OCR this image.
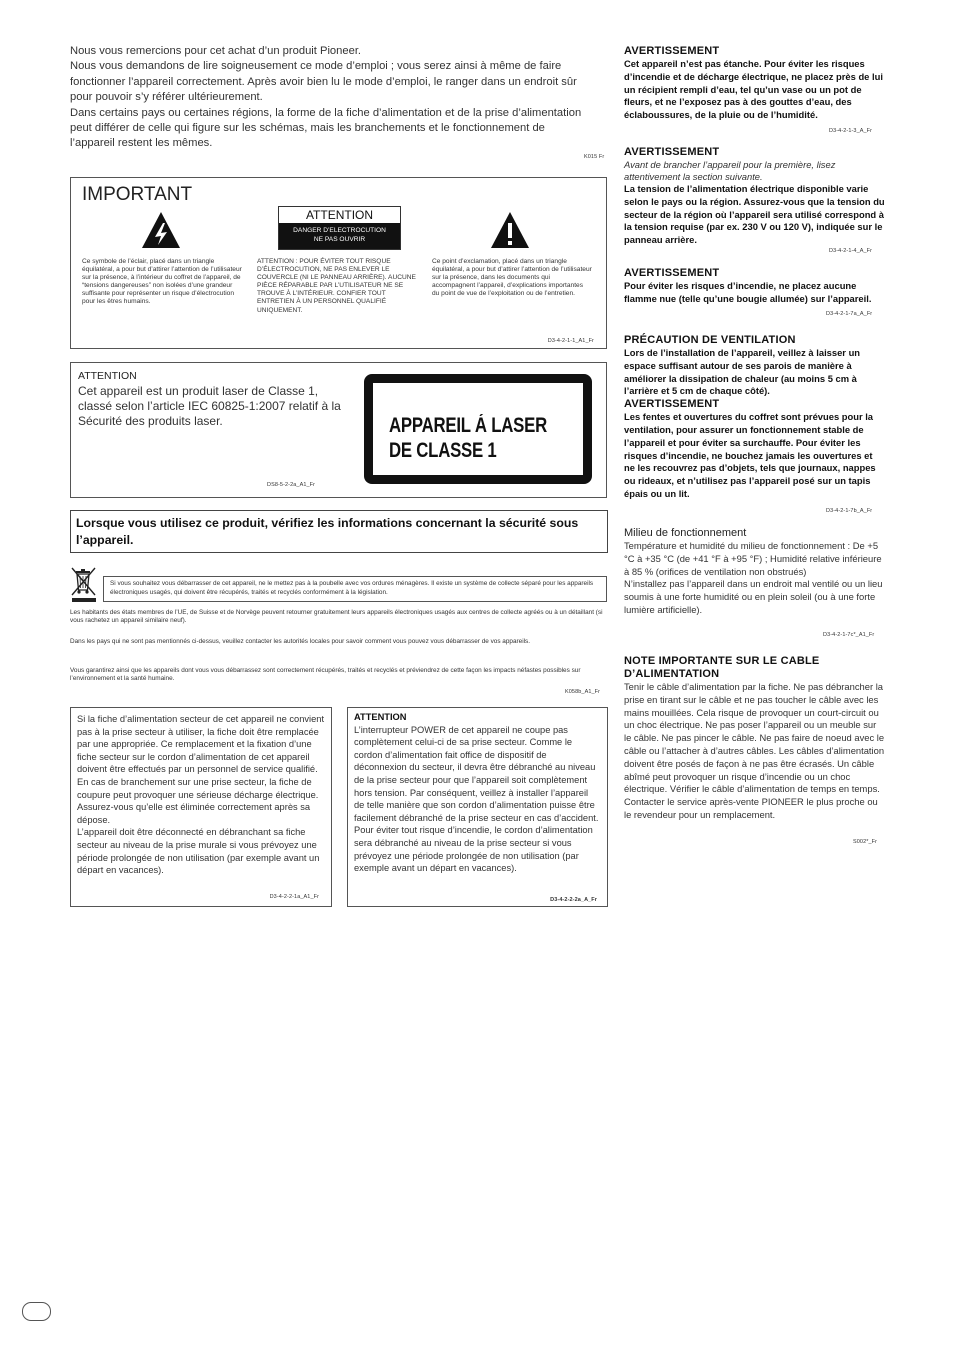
Nous vous remercions pour cet achat d’un produit Pioneer.

Nous vous demandons de lire soigneusement ce mode d’emploi ; vous serez ainsi à même de faire fonctionner l’appareil correctement. Après avoir bien lu le mode d’emploi, le ranger dans un endroit sûr pour pouvoir s’y référer ultérieurement.

Dans certains pays ou certaines régions, la forme de la fiche d’alimentation et de la prise d’alimentation peut différer de celle qui figure sur les schémas, mais les branchements et le fonctionnement de l’appareil restent les mêmes.

K015 Fr
IMPORTANT
ATTENTION
DANGER D’ELECTROCUTION
NE PAS OUVRIR
Ce symbole de l’éclair, placé dans un triangle équilatéral, a pour but d’attirer l’attention de l’utilisateur sur la présence, à l’intérieur du coffret de l’appareil, de “tensions dangereuses” non isolées d’une grandeur suffisante pour représenter un risque d’électrocution pour les êtres humains.
ATTENTION : POUR ÉVITER TOUT RISQUE D’ÉLECTROCUTION, NE PAS ENLEVER LE COUVERCLE (NI LE PANNEAU ARRIÈRE). AUCUNE PIÈCE RÉPARABLE PAR L’UTILISATEUR NE SE TROUVE À L’INTÉRIEUR. CONFIER TOUT ENTRETIEN À UN PERSONNEL QUALIFIÉ UNIQUEMENT.
Ce point d’exclamation, placé dans un triangle équilatéral, a pour but d’attirer l’attention de l’utilisateur sur la présence, dans les documents qui accompagnent l’appareil, d’explications importantes du point de vue de l’exploitation ou de l’entretien.
D3-4-2-1-1_A1_Fr
ATTENTION
Cet appareil est un produit laser de Classe 1, classé selon l’article IEC 60825-1:2007 relatif à la Sécurité des produits laser.
DS8-5-2-2a_A1_Fr
APPAREIL Á LASER
DE CLASSE 1
Lorsque vous utilisez ce produit, vérifiez les informations concernant la sécurité sous l’appareil.
Si vous souhaitez vous débarrasser de cet appareil, ne le mettez pas à la poubelle avec vos ordures ménagères. Il existe un système de collecte séparé pour les appareils électroniques usagés, qui doivent être récupérés, traités et recyclés conformément à la législation.
Les habitants des états membres de l’UE, de Suisse et de Norvège peuvent retourner gratuitement leurs appareils électroniques usagés aux centres de collecte agréés ou à un détaillant (si vous rachetez un appareil similaire neuf).
Dans les pays qui ne sont pas mentionnés ci-dessus, veuillez contacter les autorités locales pour savoir comment vous pouvez vous débarrasser de vos appareils.
Vous garantirez ainsi que les appareils dont vous vous débarrassez sont correctement récupérés, traités et recyclés et préviendrez de cette façon les impacts néfastes possibles sur l’environnement et la santé humaine.
K058b_A1_Fr
Si la fiche d’alimentation secteur de cet appareil ne convient pas à la prise secteur à utiliser, la fiche doit être remplacée par une appropriée. Ce remplacement et la fixation d’une fiche secteur sur le cordon d’alimentation de cet appareil doivent être effectués par un personnel de service qualifié. En cas de branchement sur une prise secteur, la fiche de coupure peut provoquer une sérieuse décharge électrique. Assurez-vous qu’elle est éliminée correctement après sa dépose.
L’appareil doit être déconnecté en débranchant sa fiche secteur au niveau de la prise murale si vous prévoyez une période prolongée de non utilisation (par exemple avant un départ en vacances).
D3-4-2-2-1a_A1_Fr
ATTENTION
L’interrupteur POWER de cet appareil ne coupe pas complètement celui-ci de sa prise secteur. Comme le cordon d’alimentation fait office de dispositif de déconnexion du secteur, il devra être débranché au niveau de la prise secteur pour que l’appareil soit complètement hors tension. Par conséquent, veillez à installer l’appareil de telle manière que son cordon d’alimentation puisse être facilement débranché de la prise secteur en cas d’accident. Pour éviter tout risque d’incendie, le cordon d’alimentation sera débranché au niveau de la prise secteur si vous prévoyez une période prolongée de non utilisation (par exemple avant un départ en vacances).
D3-4-2-2-2a_A_Fr
AVERTISSEMENT

Cet appareil n’est pas étanche. Pour éviter les risques d’incendie et de décharge électrique, ne placez près de lui un récipient rempli d’eau, tel qu’un vase ou un pot de fleurs, et ne l’exposez pas à des gouttes d’eau, des éclaboussures, de la pluie ou de l’humidité.

D3-4-2-1-3_A_Fr
AVERTISSEMENT

Avant de brancher l’appareil pour la première, lisez attentivement la section suivante.

La tension de l’alimentation électrique disponible varie selon le pays ou la région. Assurez-vous que la tension du secteur de la région où l’appareil sera utilisé correspond à la tension requise (par ex. 230 V ou 120 V), indiquée sur le panneau arrière.

D3-4-2-1-4_A_Fr
AVERTISSEMENT

Pour éviter les risques d’incendie, ne placez aucune flamme nue (telle qu’une bougie allumée) sur l’appareil.

D3-4-2-1-7a_A_Fr
PRÉCAUTION DE VENTILATION

Lors de l’installation de l’appareil, veillez à laisser un espace suffisant autour de ses parois de manière à améliorer la dissipation de chaleur (au moins 5 cm à l’arrière et 5 cm de chaque côté).

AVERTISSEMENT

Les fentes et ouvertures du coffret sont prévues pour la ventilation, pour assurer un fonctionnement stable de l’appareil et pour éviter sa surchauffe. Pour éviter les risques d’incendie, ne bouchez jamais les ouvertures et ne les recouvrez pas d’objets, tels que journaux, nappes ou rideaux, et n’utilisez pas l’appareil posé sur un tapis épais ou un lit.

D3-4-2-1-7b_A_Fr

Milieu de fonctionnement

Température et humidité du milieu de fonctionnement : De +5 °C à +35 °C (de +41 °F à +95 °F) ; Humidité relative inférieure à 85 % (orifices de ventilation non obstrués)

N’installez pas l’appareil dans un endroit mal ventilé ou un lieu soumis à une forte humidité ou en plein soleil (ou à une forte lumière artificielle).

D3-4-2-1-7c*_A1_Fr
NOTE IMPORTANTE SUR LE CABLE D’ALIMENTATION

Tenir le câble d’alimentation par la fiche. Ne pas débrancher la prise en tirant sur le câble et ne pas toucher le câble avec les mains mouillées. Cela risque de provoquer un court-circuit ou un choc électrique. Ne pas poser l’appareil ou un meuble sur le câble. Ne pas pincer le câble. Ne pas faire de noeud avec le câble ou l’attacher à d’autres câbles. Les câbles d’alimentation doivent être posés de façon à ne pas être écrasés. Un câble abîmé peut provoquer un risque d’incendie ou un choc électrique. Vérifier le câble d’alimentation de temps en temps. Contacter le service après-vente PIONEER le plus proche ou le revendeur pour un remplacement.

S002*_Fr
